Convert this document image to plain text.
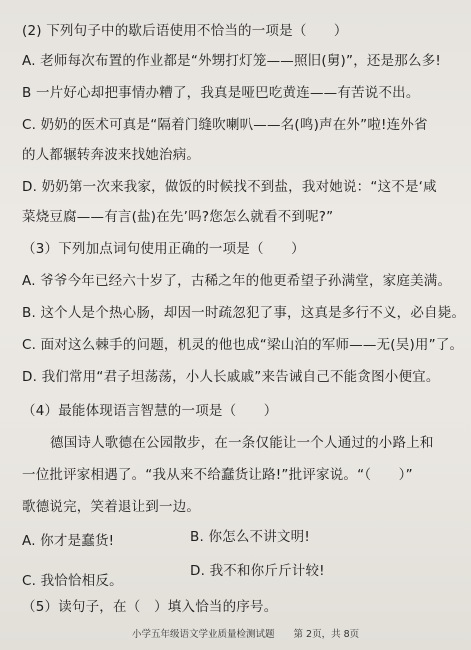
(2) 下列句子中的歇后语使用不恰当的一项是（　　）
A. 老师每次布置的作业都是“外甥打灯笼——照旧(舅)”，还是那么多!
B 一片好心却把事情办糟了，我真是哑巴吃黄连——有苦说不出。
C. 奶奶的医术可真是“隔着门缝吹喇叭——名(鸣)声在外”啦!连外省
的人都辗转奔波来找她治病。
D. 奶奶第一次来我家，做饭的时候找不到盐，我对她说：“这不是‘咸
菜烧豆腐——有言(盐)在先’吗?您怎么就看不到呢?”
（3）下列加点词句使用正确的一项是（　　）
A. 爷爷今年已经六十岁了，古稀之年的他更希望子孙满堂，家庭美满。
B. 这个人是个热心肠，却因一时疏忽犯了事，这真是多行不义，必自毙。
C. 面对这么棘手的问题，机灵的他也成“梁山泊的军师——无(吴)用”了。
D. 我们常用“君子坦荡荡，小人长戚戚”来告诫自己不能贪图小便宜。
（4）最能体现语言智慧的一项是（　　）
德国诗人歌德在公园散步，在一条仅能让一个人通过的小路上和
一位批评家相遇了。“我从来不给蠢货让路!”批评家说。“（　　）”
歌德说完，笑着退让到一边。
A. 你才是蠢货!	B. 你怎么不讲文明!
C. 我恰恰相反。
D. 我不和你斤斤计较!
（5）读句子，在（　）填入恰当的序号。
小学五年级语文学业质量检测试题　　第 2页，共 8页
